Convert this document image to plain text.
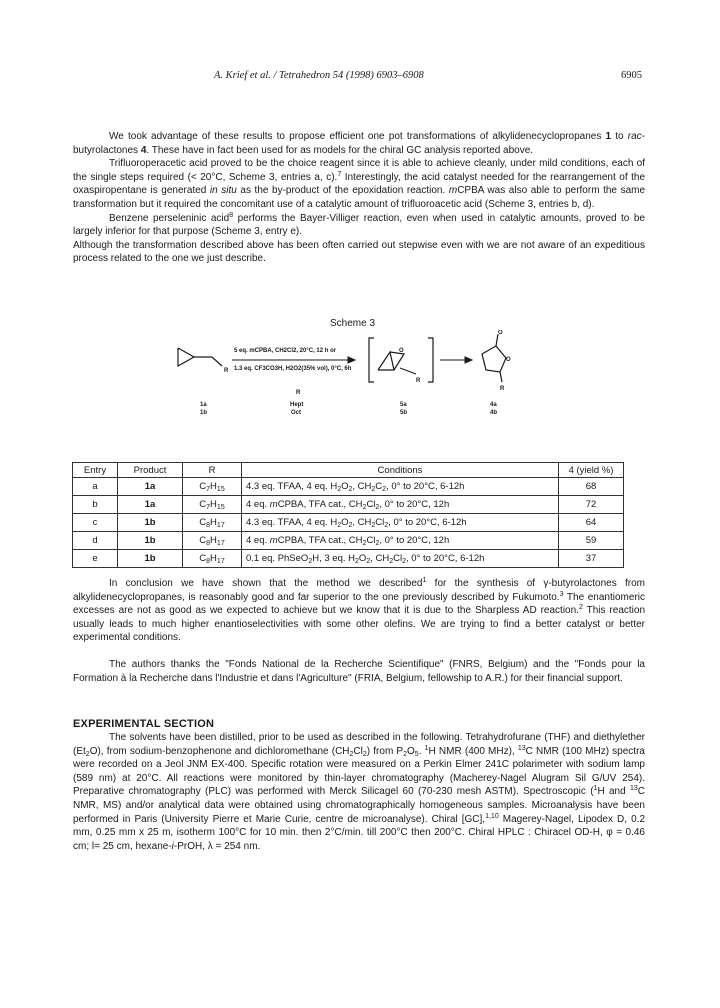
A. Krief et al. / Tetrahedron 54 (1998) 6903–6908	6905

We took advantage of these results to propose efficient one pot transformations of alkylidenecyclopropanes 1 to rac-butyrolactones 4. These have in fact been used for as models for the chiral GC analysis reported above.

Trifluoroperacetic acid proved to be the choice reagent since it is able to achieve cleanly, under mild conditions, each of the single steps required (< 20°C, Scheme 3, entries a, c).$^7$ Interestingly, the acid catalyst needed for the rearrangement of the oxaspiropentane is generated in situ as the by-product of the epoxidation reaction. mCPBA was also able to perform the same transformation but it required the concomitant use of a catalytic amount of trifluoroacetic acid (Scheme 3, entries b, d).

Benzene perseleninic acid$^8$ performs the Bayer-Villiger reaction, even when used in catalytic amounts, proved to be largely inferior for that purpose (Scheme 3, entry e).

Although the transformation described above has been often carried out stepwise even with we are not aware of an expeditious process related to the one we just describe.

Scheme 3
R
5 eq. mCPBA, CH2Cl2, 20°C, 12 h or
1.3 eq. CF3CO3H, H2O2(35% vol), 0°C, 6h
O
R
O
O
R
R
1a
1b
Hept
Oct
5a
5b
4a
4b
Entry	Product	R	Conditions	4 (yield %)
a	1a	$C_7H_{15}$	4.3 eq. TFAA, 4 eq. $H_2O_2$, $CH_2C_2$, 0° to 20°C, 6-12h	68
b	1a	$C_7H_{15}$	4 eq. mCPBA, TFA cat., $CH_2Cl_2$, 0° to 20°C, 12h	72
c	1b	$C_8H_{17}$	4.3 eq. TFAA, 4 eq. $H_2O_2$, $CH_2Cl_2$, 0° to 20°C, 6-12h	64
d	1b	$C_8H_{17}$	4 eq. mCPBA, TFA cat., $CH_2Cl_2$, 0° to 20°C, 12h	59
e	1b	$C_8H_{17}$	0.1 eq. PhSeO$_2$H, 3 eq. $H_2O_2$, $CH_2Cl_2$, 0° to 20°C, 6-12h	37

In conclusion we have shown that the method we described$^1$ for the synthesis of γ-butyrolactones from alkylidenecyclopropanes, is reasonably good and far superior to the one previously described by Fukumoto.$^3$ The enantiomeric excesses are not as good as we expected to achieve but we know that it is due to the Sharpless AD reaction.$^2$ This reaction usually leads to much higher enantioselectivities with some other olefins. We are trying to find a better catalyst or better experimental conditions.

The authors thanks the "Fonds National de la Recherche Scientifique" (FNRS, Belgium) and the "Fonds pour la Formation à la Recherche dans l'Industrie et dans l'Agriculture" (FRIA, Belgium, fellowship to A.R.) for their financial support.

EXPERIMENTAL SECTION

The solvents have been distilled, prior to be used as described in the following. Tetrahydrofurane (THF) and diethylether $(Et_2O)$, from sodium-benzophenone and dichloromethane $(CH_2Cl_2)$ from $P_2O_5$. $^1$H NMR (400 MHz), $^{13}$C NMR (100 MHz) spectra were recorded on a Jeol JNM EX-400. Specific rotation were measured on a Perkin Elmer 241C polarimeter with sodium lamp (589 nm) at 20°C. All reactions were monitored by thin-layer chromatography (Macherey-Nagel Alugram Sil G/UV 254). Preparative chromatography (PLC) was performed with Merck Silicagel 60 (70-230 mesh ASTM). Spectroscopic ($^1$H and $^{13}$C NMR, MS) and/or analytical data were obtained using chromatographically homogeneous samples. Microanalysis have been performed in Paris (University Pierre et Marie Curie, centre de microanalyse). Chiral [GC],$^{1,10}$ Magerey-Nagel, Lipodex D, 0.2 mm, 0.25 mm x 25 m, isotherm 100°C for 10 min. then 2°C/min. till 200°C then 200°C. Chiral HPLC : Chiracel OD-H, φ = 0.46 cm; l= 25 cm, hexane-i-PrOH, λ = 254 nm.
